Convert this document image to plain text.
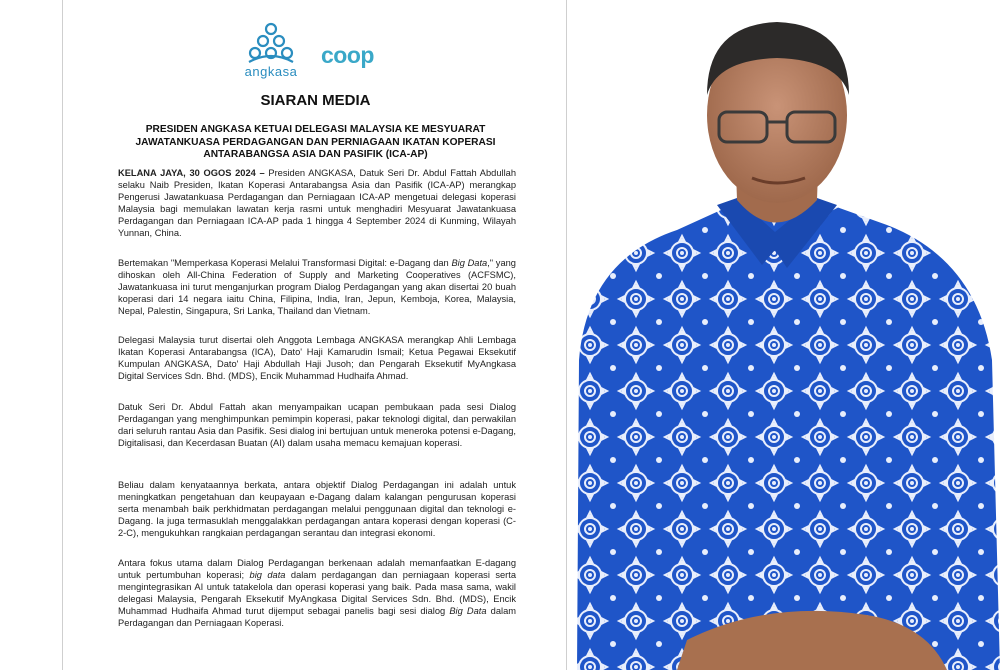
angkasa
coop
SIARAN MEDIA
PRESIDEN ANGKASA KETUAI DELEGASI MALAYSIA KE MESYUARAT JAWATANKUASA PERDAGANGAN DAN PERNIAGAAN IKATAN KOPERASI ANTARABANGSA ASIA DAN PASIFIK (ICA-AP)
KELANA JAYA, 30 OGOS 2024 – Presiden ANGKASA, Datuk Seri Dr. Abdul Fattah Abdullah selaku Naib Presiden, Ikatan Koperasi Antarabangsa Asia dan Pasifik (ICA-AP) merangkap Pengerusi Jawatankuasa Perdagangan dan Perniagaan ICA-AP mengetuai delegasi koperasi Malaysia bagi memulakan lawatan kerja rasmi untuk menghadiri Mesyuarat Jawatankuasa Perdagangan dan Perniagaan ICA-AP pada 1 hingga 4 September 2024 di Kunming, Wilayah Yunnan, China.
Bertemakan "Memperkasa Koperasi Melalui Transformasi Digital: e-Dagang dan Big Data," yang dihoskan oleh All-China Federation of Supply and Marketing Cooperatives (ACFSMC), Jawatankuasa ini turut menganjurkan program Dialog Perdagangan yang akan disertai 20 buah koperasi dari 14 negara iaitu China, Filipina, India, Iran, Jepun, Kemboja, Korea, Malaysia, Nepal, Palestin, Singapura, Sri Lanka, Thailand dan Vietnam.
Delegasi Malaysia turut disertai oleh Anggota Lembaga ANGKASA merangkap Ahli Lembaga Ikatan Koperasi Antarabangsa (ICA), Dato' Haji Kamarudin Ismail; Ketua Pegawai Eksekutif Kumpulan ANGKASA, Dato' Haji Abdullah Haji Jusoh; dan Pengarah Eksekutif MyAngkasa Digital Services Sdn. Bhd. (MDS), Encik Muhammad Hudhaifa Ahmad.
Datuk Seri Dr. Abdul Fattah akan menyampaikan ucapan pembukaan pada sesi Dialog Perdagangan yang menghimpunkan pemimpin koperasi, pakar teknologi digital, dan perwakilan dari seluruh rantau Asia dan Pasifik. Sesi dialog ini bertujuan untuk meneroka potensi e-Dagang, Digitalisasi, dan Kecerdasan Buatan (AI) dalam usaha memacu kemajuan koperasi.
Beliau dalam kenyataannya berkata, antara objektif Dialog Perdagangan ini adalah untuk meningkatkan pengetahuan dan keupayaan e-Dagang dalam kalangan pengurusan koperasi serta menambah baik perkhidmatan perdagangan melalui penggunaan digital dan teknologi e-Dagang. Ia juga termasuklah menggalakkan perdagangan antara koperasi dengan koperasi (C-2-C), mengukuhkan rangkaian perdagangan serantau dan integrasi ekonomi.
Antara fokus utama dalam Dialog Perdagangan berkenaan adalah memanfaatkan E-dagang untuk pertumbuhan koperasi; big data dalam perdagangan dan perniagaan koperasi serta mengintegrasikan AI untuk tatakelola dan operasi koperasi yang baik. Pada masa sama, wakil delegasi Malaysia, Pengarah Eksekutif MyAngkasa Digital Services Sdn. Bhd. (MDS), Encik Muhammad Hudhaifa Ahmad turut dijemput sebagai panelis bagi sesi dialog Big Data dalam Perdagangan dan Perniagaan Koperasi.
